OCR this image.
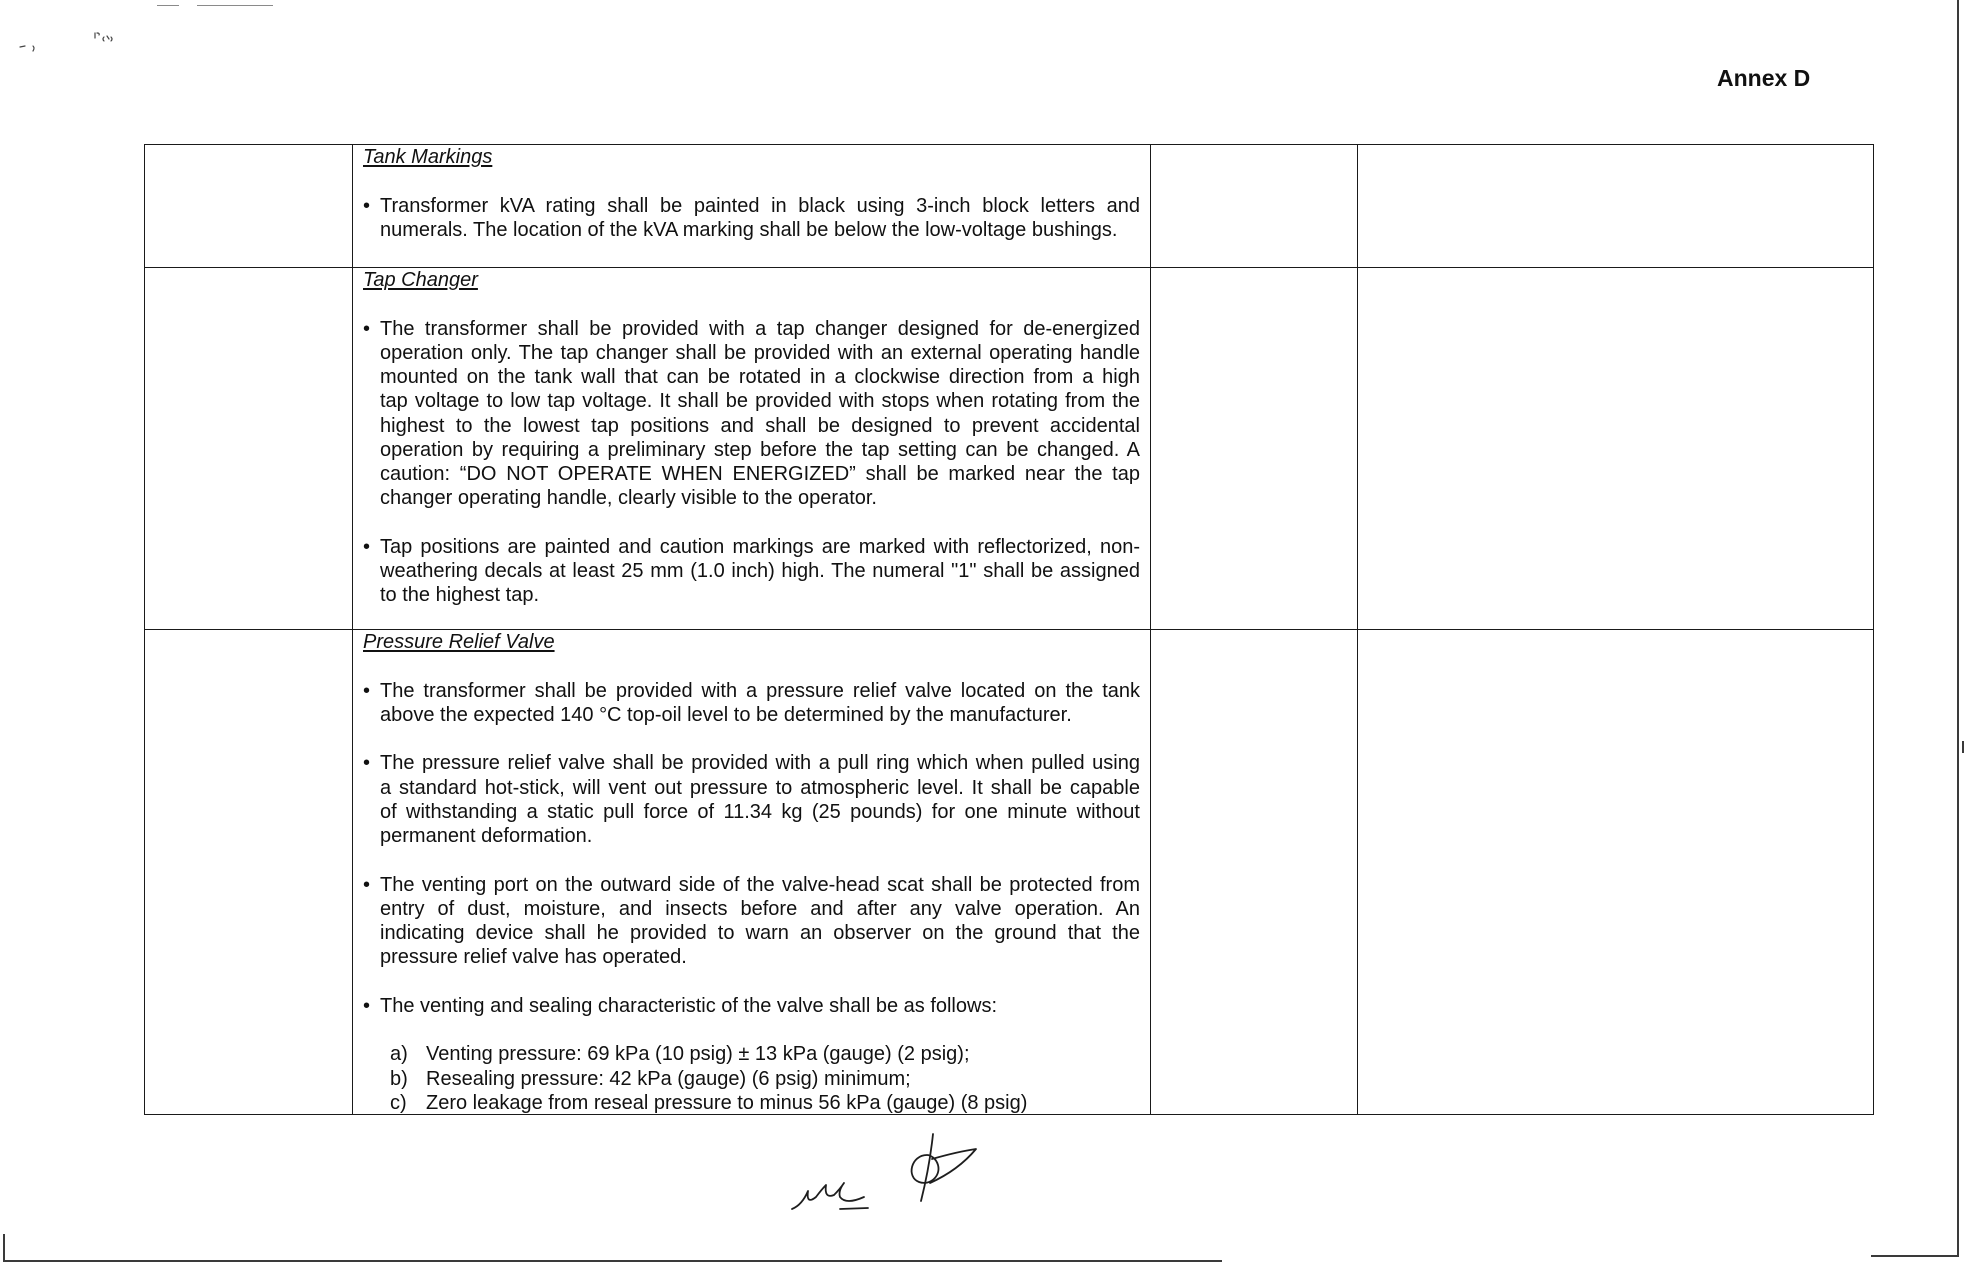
Annex D
Tank Markings
• Transformer kVA rating shall be painted in black using 3-inch block letters and
numerals. The location of the kVA marking shall be below the low-voltage bushings.
Tap Changer
• The transformer shall be provided with a tap changer designed for de-energized
operation only. The tap changer shall be provided with an external operating handle
mounted on the tank wall that can be rotated in a clockwise direction from a high
tap voltage to low tap voltage. It shall be provided with stops when rotating from the
highest to the lowest tap positions and shall be designed to prevent accidental
operation by requiring a preliminary step before the tap setting can be changed. A
caution: “DO NOT OPERATE WHEN ENERGIZED” shall be marked near the tap
changer operating handle, clearly visible to the operator.
• Tap positions are painted and caution markings are marked with reflectorized, non-
weathering decals at least 25 mm (1.0 inch) high. The numeral "1" shall be assigned
to the highest tap.
Pressure Relief Valve
• The transformer shall be provided with a pressure relief valve located on the tank
above the expected 140 °C top-oil level to be determined by the manufacturer.
• The pressure relief valve shall be provided with a pull ring which when pulled using
a standard hot-stick, will vent out pressure to atmospheric level. It shall be capable
of withstanding a static pull force of 11.34 kg (25 pounds) for one minute without
permanent deformation.
• The venting port on the outward side of the valve-head scat shall be protected from
entry of dust, moisture, and insects before and after any valve operation. An
indicating device shall he provided to warn an observer on the ground that the
pressure relief valve has operated.
• The venting and sealing characteristic of the valve shall be as follows:
a) Venting pressure: 69 kPa (10 psig) ± 13 kPa (gauge) (2 psig);
b) Resealing pressure: 42 kPa (gauge) (6 psig) minimum;
c) Zero leakage from reseal pressure to minus 56 kPa (gauge) (8 psig)
